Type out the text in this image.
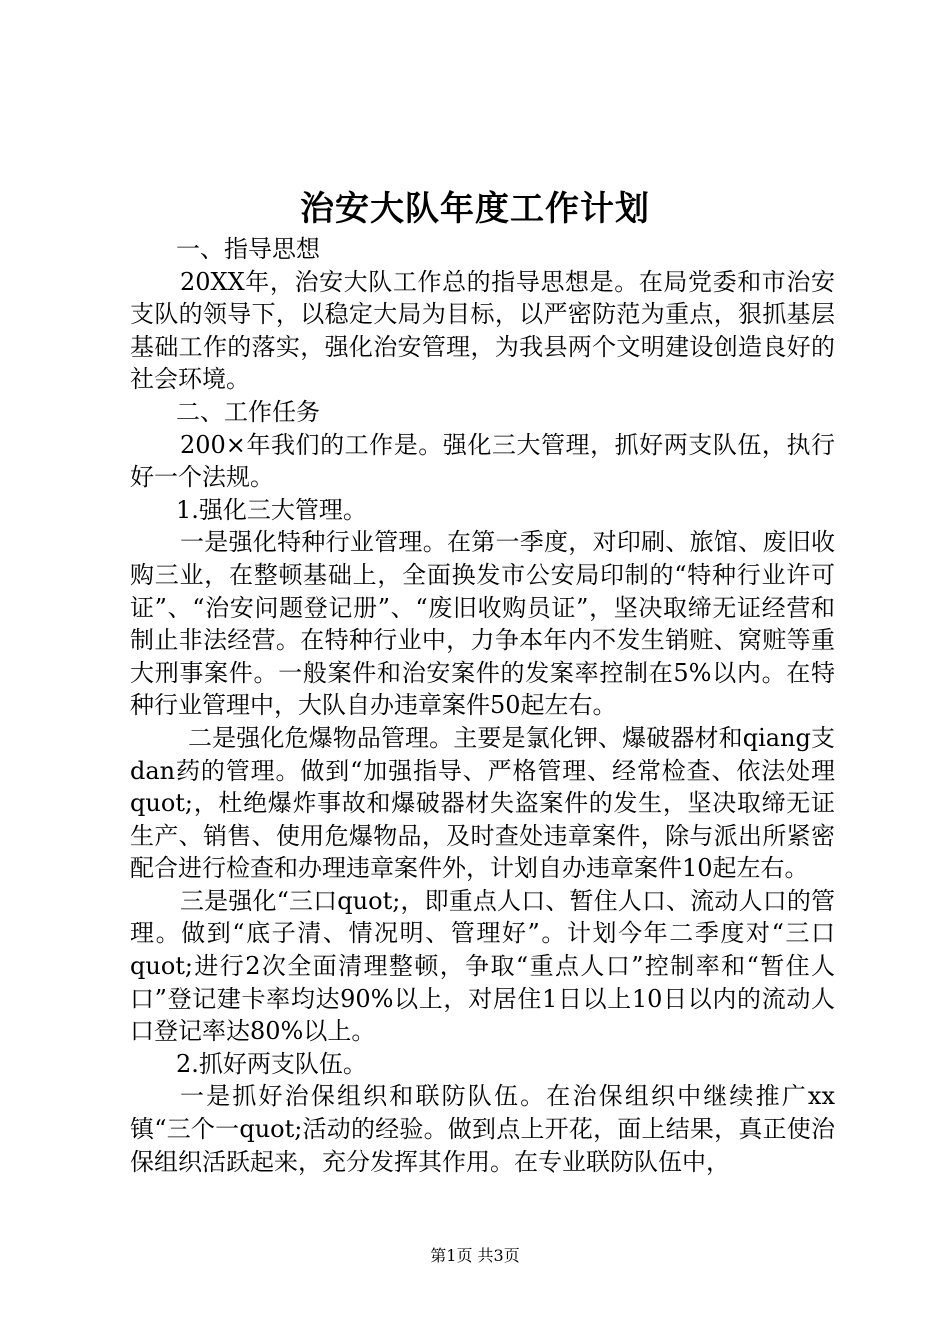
治安大队年度工作计划

一、指导思想

20XX年，治安大队工作总的指导思想是。在局党委和市治安支队的领导下，以稳定大局为目标，以严密防范为重点，狠抓基层基础工作的落实，强化治安管理，为我县两个文明建设创造良好的社会环境。

二、工作任务

200×年我们的工作是。强化三大管理，抓好两支队伍，执行好一个法规。

1.强化三大管理。

一是强化特种行业管理。在第一季度，对印刷、旅馆、废旧收购三业，在整顿基础上，全面换发市公安局印制的“特种行业许可证”、“治安问题登记册”、“废旧收购员证”，坚决取缔无证经营和制止非法经营。在特种行业中，力争本年内不发生销赃、窝赃等重大刑事案件。一般案件和治安案件的发案率控制在5%以内。在特种行业管理中，大队自办违章案件50起左右。

二是强化危爆物品管理。主要是氯化钾、爆破器材和qiang支dan药的管理。做到“加强指导、严格管理、经常检查、依法处理quot;，杜绝爆炸事故和爆破器材失盗案件的发生，坚决取缔无证生产、销售、使用危爆物品，及时查处违章案件，除与派出所紧密配合进行检查和办理违章案件外，计划自办违章案件10起左右。

三是强化“三口quot;，即重点人口、暂住人口、流动人口的管理。做到“底子清、情况明、管理好”。计划今年二季度对“三口quot;进行2次全面清理整顿，争取“重点人口”控制率和“暂住人口”登记建卡率均达90%以上，对居住1日以上10日以内的流动人口登记率达80%以上。

2.抓好两支队伍。

一是抓好治保组织和联防队伍。在治保组织中继续推广xx镇“三个一quot;活动的经验。做到点上开花，面上结果，真正使治保组织活跃起来，充分发挥其作用。在专业联防队伍中，

第1页 共3页
